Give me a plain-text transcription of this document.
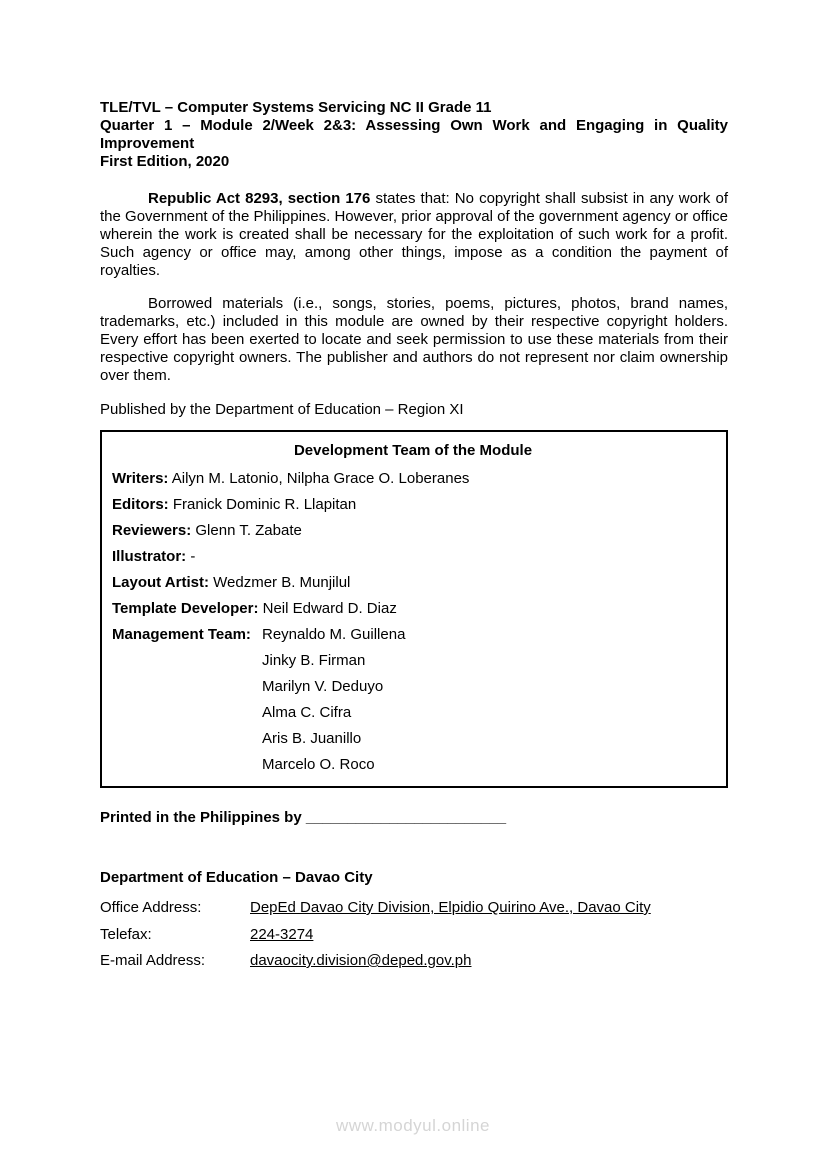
TLE/TVL – Computer Systems Servicing NC II Grade 11
Quarter 1 – Module 2/Week 2&3: Assessing Own Work and Engaging in Quality Improvement
First Edition, 2020

Republic Act 8293, section 176 states that: No copyright shall subsist in any work of the Government of the Philippines. However, prior approval of the government agency or office wherein the work is created shall be necessary for the exploitation of such work for a profit. Such agency or office may, among other things, impose as a condition the payment of royalties.

Borrowed materials (i.e., songs, stories, poems, pictures, photos, brand names, trademarks, etc.) included in this module are owned by their respective copyright holders. Every effort has been exerted to locate and seek permission to use these materials from their respective copyright owners. The publisher and authors do not represent nor claim ownership over them.

Published by the Department of Education – Region XI

Development Team of the Module
Writers: Ailyn M. Latonio, Nilpha Grace O. Loberanes
Editors: Franick Dominic R. Llapitan
Reviewers: Glenn T. Zabate
Illustrator: -
Layout Artist: Wedzmer B. Munjilul
Template Developer: Neil Edward D. Diaz
Management Team: Reynaldo M. Guillena
Jinky B. Firman
Marilyn V. Deduyo
Alma C. Cifra
Aris B. Juanillo
Marcelo O. Roco

Printed in the Philippines by ________________________

Department of Education – Davao City

Office Address:	DepEd Davao City Division, Elpidio Quirino Ave., Davao City
Telefax:	224-3274
E-mail Address:	davaocity.division@deped.gov.ph
www.modyul.online
